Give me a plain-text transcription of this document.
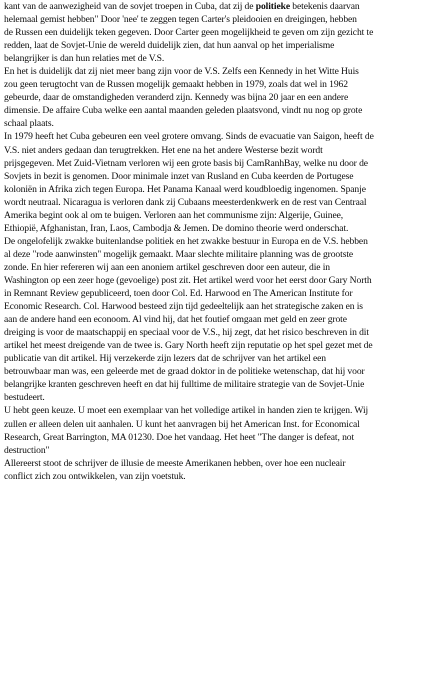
kant van de aanwezigheid van de sovjet troepen in Cuba, dat zij de politieke betekenis daarvan
helemaal gemist hebben" Door 'nee' te zeggen tegen Carter's pleidooien en dreigingen, hebben
de Russen een duidelijk teken gegeven. Door Carter geen mogelijkheid te geven om zijn gezicht te
redden, laat de Sovjet-Unie de wereld duidelijk zien, dat hun aanval op het imperialisme
belangrijker is dan hun relaties met de V.S.
En het is duidelijk dat zij niet meer bang zijn voor de V.S. Zelfs een Kennedy in het Witte Huis
zou geen terugtocht van de Russen mogelijk gemaakt hebben in 1979, zoals dat wel in 1962
gebeurde, daar de omstandigheden veranderd zijn. Kennedy was bijna 20 jaar en een andere
dimensie. De affaire Cuba welke een aantal maanden geleden plaatsvond, vindt nu nog op grote
schaal plaats.
In 1979 heeft het Cuba gebeuren een veel grotere omvang. Sinds de evacuatie van Saigon, heeft de
V.S. niet anders gedaan dan terugtrekken. Het ene na het andere Westerse bezit wordt
prijsgegeven. Met Zuid-Vietnam verloren wij een grote basis bij CamRanhBay, welke nu door de
Sovjets in bezit is genomen. Door minimale inzet van Rusland en Cuba keerden de Portugese
koloniën in Afrika zich tegen Europa. Het Panama Kanaal werd koudbloedig ingenomen. Spanje
wordt neutraal. Nicaragua is verloren dank zij Cubaans meesterdenkwerk en de rest van Centraal
Amerika begint ook al om te buigen. Verloren aan het communisme zijn: Algerije, Guinee,
Ethiopië, Afghanistan, Iran, Laos, Cambodja & Jemen. De domino theorie werd onderschat.
De ongelofelijk zwakke buitenlandse politiek en het zwakke bestuur in Europa en de V.S. hebben
al deze "rode aanwinsten" mogelijk gemaakt. Maar slechte militaire planning was de grootste
zonde. En hier refereren wij aan een anoniem artikel geschreven door een auteur, die in
Washington op een zeer hoge (gevoelige) post zit. Het artikel werd voor het eerst door Gary North
in Remnant Review gepubliceerd, toen door Col. Ed. Harwood en The American Institute for
Economic Research. Col. Harwood besteed zijn tijd gedeeltelijk aan het strategische zaken en is
aan de andere hand een econoom. Al vind hij, dat het foutief omgaan met geld en zeer grote
dreiging is voor de maatschappij en speciaal voor de V.S., hij zegt, dat het risico beschreven in dit
artikel het meest dreigende van de twee is. Gary North heeft zijn reputatie op het spel gezet met de
publicatie van dit artikel. Hij verzekerde zijn lezers dat de schrijver van het artikel een
betrouwbaar man was, een geleerde met de graad doktor in de politieke wetenschap, dat hij voor
belangrijke kranten geschreven heeft en dat hij fulltime de militaire strategie van de Sovjet-Unie
bestudeert.
U hebt geen keuze. U moet een exemplaar van het volledige artikel in handen zien te krijgen. Wij
zullen er alleen delen uit aanhalen. U kunt het aanvragen bij het American Inst. for Economical
Research, Great Barrington, MA 01230. Doe het vandaag. Het heet "The danger is defeat, not
destruction"
Allereerst stoot de schrijver de illusie de meeste Amerikanen hebben, over hoe een nucleair
conflict zich zou ontwikkelen, van zijn voetstuk.
